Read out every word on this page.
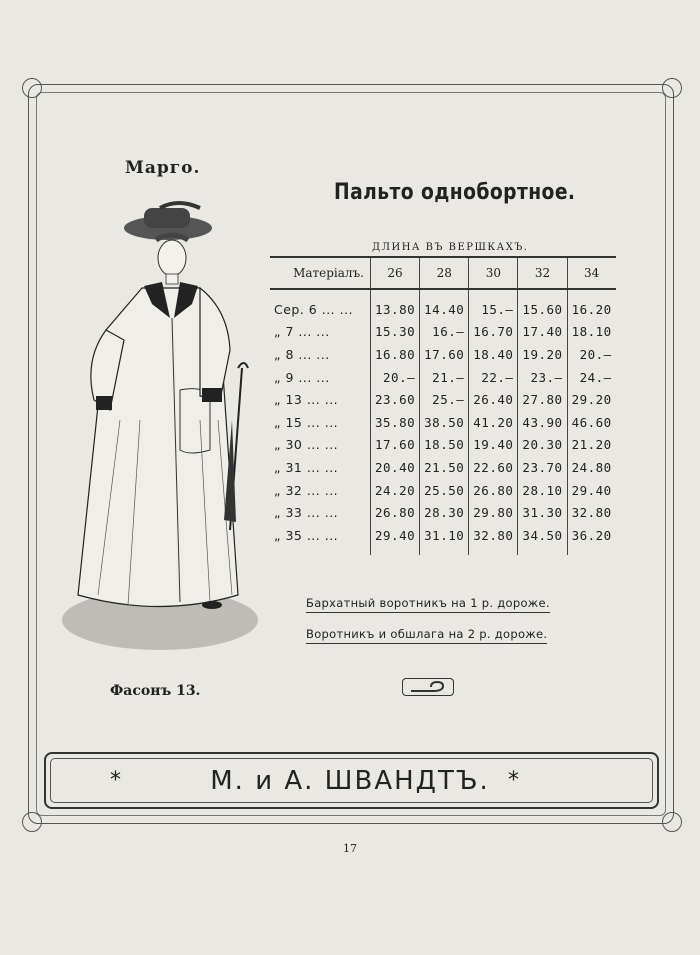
Марго.
Пальто однобортное.
ДЛИНА ВЪ ВЕРШКАХЪ.
Матеріалъ.	26	28	30	32	34

Сер. 6 ... ...	13.80	14.40	15.—	15.60	16.20
„ 7 ... ...	15.30	16.—	16.70	17.40	18.10
„ 8 ... ...	16.80	17.60	18.40	19.20	20.—
„ 9 ... ...	20.—	21.—	22.—	23.—	24.—
„ 13 ... ...	23.60	25.—	26.40	27.80	29.20
„ 15 ... ...	35.80	38.50	41.20	43.90	46.60
„ 30 ... ...	17.60	18.50	19.40	20.30	21.20
„ 31 ... ...	20.40	21.50	22.60	23.70	24.80
„ 32 ... ...	24.20	25.50	26.80	28.10	29.40
„ 33 ... ...	26.80	28.30	29.80	31.30	32.80
„ 35 ... ...	29.40	31.10	32.80	34.50	36.20

Бархатный воротникъ на 1 р. дороже.
Воротникъ и обшлага на 2 р. дороже.
Фасонъ 13.
*	М. и А. ШВАНДТЪ. *
17
